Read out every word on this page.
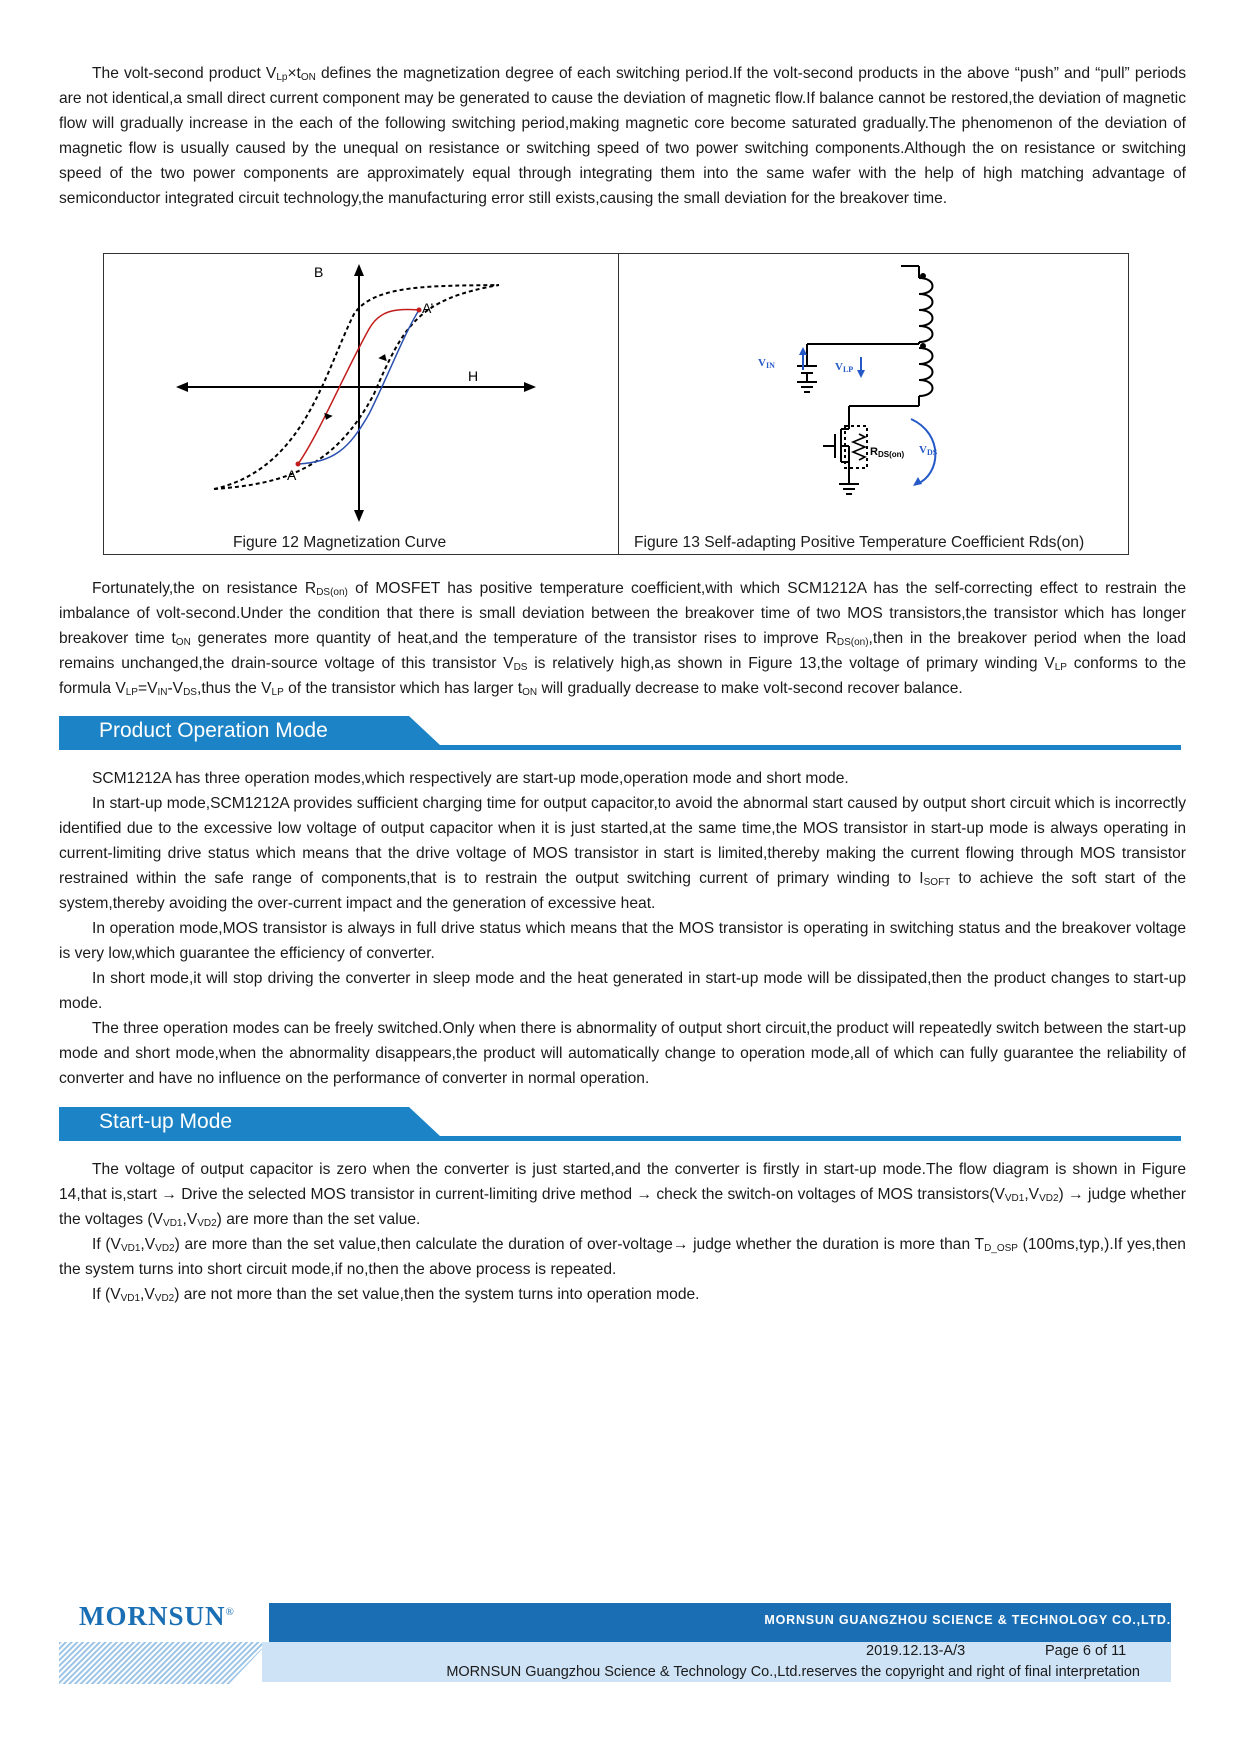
The volt-second product $V_{Lp}\times t_{ON}$ defines the magnetization degree of each switching period.If the volt-second products in the above “push” and “pull” periods are not identical,a small direct current component may be generated to cause the deviation of magnetic flow.If balance cannot be restored,the deviation of magnetic flow will gradually increase in the each of the following switching period,making magnetic core become saturated gradually.The phenomenon of the deviation of magnetic flow is usually caused by the unequal on resistance or switching speed of two power switching components.Although the on resistance or switching speed of the two power components are approximately equal through integrating them into the same wafer with the help of high matching advantage of semiconductor integrated circuit technology,the manufacturing error still exists,causing the small deviation for the breakover time.

B
H
A
A’
Figure 12 Magnetization Curve
VIN	VLP
RDS(on) VDS
Figure 13 Self-adapting Positive Temperature Coefficient Rds(on)

Fortunately,the on resistance $R_{DS(on)}$ of MOSFET has positive temperature coefficient,with which SCM1212A has the self-correcting effect to restrain the imbalance of volt-second.Under the condition that there is small deviation between the breakover time of two MOS transistors,the transistor which has longer breakover time $t_{ON}$ generates more quantity of heat,and the temperature of the transistor rises to improve $R_{DS(on)},then$ in the breakover period when the load remains unchanged,the drain-source voltage of this transistor $V_{DS}$ is relatively high,as shown in Figure 13,the voltage of primary winding $V_{LP}$ conforms to the formula $V_{LP}=V_{IN}-V_{DS},thus$ the $V_{LP}$ of the transistor which has larger $t_{ON}$ will gradually decrease to make volt-second recover balance.

Product Operation Mode

SCM1212A has three operation modes,which respectively are start-up mode,operation mode and short mode.

In start-up mode,SCM1212A provides sufficient charging time for output capacitor,to avoid the abnormal start caused by output short circuit which is incorrectly identified due to the excessive low voltage of output capacitor when it is just started,at the same time,the MOS transistor in start-up mode is always operating in current-limiting drive status which means that the drive voltage of MOS transistor in start is limited,thereby making the current flowing through MOS transistor restrained within the safe range of components,that is to restrain the output switching current of primary winding to $I_{SOFT}$ to achieve the soft start of the system,thereby avoiding the over-current impact and the generation of excessive heat.

In operation mode,MOS transistor is always in full drive status which means that the MOS transistor is operating in switching status and the breakover voltage is very low,which guarantee the efficiency of converter.

In short mode,it will stop driving the converter in sleep mode and the heat generated in start-up mode will be dissipated,then the product changes to start-up mode.

The three operation modes can be freely switched.Only when there is abnormality of output short circuit,the product will repeatedly switch between the start-up mode and short mode,when the abnormality disappears,the product will automatically change to operation mode,all of which can fully guarantee the reliability of converter and have no influence on the performance of converter in normal operation.

Start-up Mode

The voltage of output capacitor is zero when the converter is just started,and the converter is firstly in start-up mode.The flow diagram is shown in Figure 14,that is,start → Drive the selected MOS transistor in current-limiting drive method → check the switch-on voltages of MOS $transistors(V_{VD1},V_{VD2})$ → judge whether the voltages $(V_{VD1},V_{VD2})$ are more than the set value.

If $(V_{VD1},V_{VD2})$ are more than the set value,then calculate the duration of over-voltage→ judge whether the duration is more than $T_{D\_OSP}$ (100ms,typ,).If yes,then the system turns into short circuit mode,if no,then the above process is repeated.

If $(V_{VD1},V_{VD2})$ are not more than the set value,then the system turns into operation mode.

MORNSUN®
MORNSUN GUANGZHOU SCIENCE & TECHNOLOGY CO.,LTD.
2019.12.13-A/3	Page 6 of 11
MORNSUN Guangzhou Science & Technology Co.,Ltd.reserves the copyright and right of final interpretation
